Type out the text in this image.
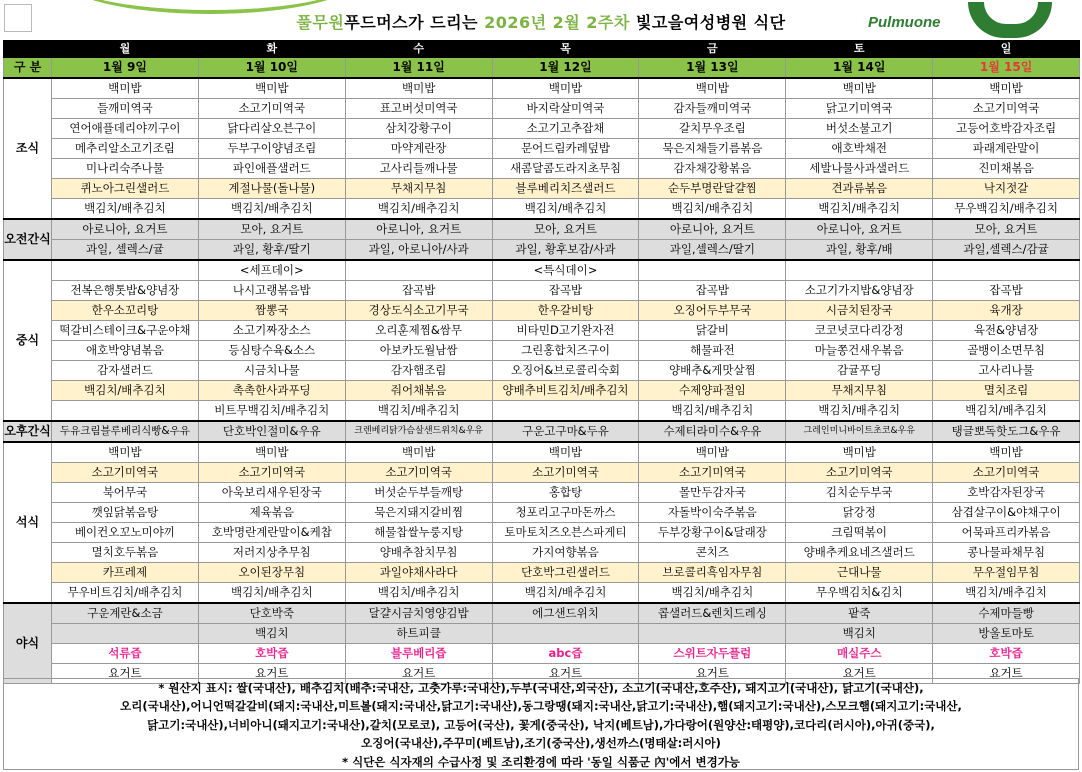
풀무원푸드머스가 드리는 2026년 2월 2주차 빛고을여성병원 식단	Pulmuone
	월	화	수	목	금	토	일
구 분	1월 9일	1월 10일	1월 11일	1월 12일	1월 13일	1월 14일	1월 15일
조식	백미밥	백미밥	백미밥	백미밥	백미밥	백미밥	백미밥
	들깨미역국	소고기미역국	표고버섯미역국	바지락살미역국	감자들깨미역국	닭고기미역국	소고기미역국
	연어애플데리야끼구이	닭다리살오븐구이	삼치강황구이	소고기고추잡채	갈치무우조림	버섯소불고기	고등어호박감자조림
	메추리알소고기조림	두부구이양념조림	마약계란장	문어드림카레덮밥	묵은지채들기름볶음	애호박채전	파래계란말이
	미나리숙주나물	파인애플샐러드	고사리들깨나물	새콤달콤도라지초무침	감자채강황볶음	세발나물사과샐러드	진미채볶음
	퀴노아그린샐러드	계절나물(돌나물)	무채지무침	블루베리치즈샐러드	순두부명란달걀찜	견과류볶음	낙지젓갈
	백김치/배추김치	백김치/배추김치	백김치/배추김치	백김치/배추김치	백김치/배추김치	백김치/배추김치	무우백김치/배추김치
오전간식	아로니아, 요거트	모아, 요거트	아로니아, 요거트	모아, 요거트	아로니아, 요거트	아로니아, 요거트	모아, 요거트
	과일, 셀렉스/귤	과일, 황후/딸기	과일, 아로니아/사과	과일, 황후보감/사과	과일,셀렉스/딸기	과일, 황후/배	과일,셀렉스/감귤
중식		<세프데이>		<특식데이>			
	전복은행톳밥&양념장	나시고랭볶음밥	잡곡밥	잡곡밥	잡곡밥	소고기가지밥&양념장	잡곡밥
	한우소꼬리탕	짬뽕국	경상도식소고기무국	한우갈비탕	오징어두부무국	시금치된장국	육개장
	떡갈비스테이크&구운야채	소고기짜장소스	오리훈제찜&쌈무	비타민D고기완자전	닭갈비	코코넛코다리강정	육전&양념장
	애호박양념볶음	등심탕수육&소스	아보카도월남쌈	그린홍합치즈구이	해물파전	마늘쫑건새우볶음	골뱅이소면무침
	감자샐러드	시금치나물	감자햄조림	오징어&브로콜리숙회	양배추&게맛살찜	감귤푸딩	고사리나물
	백김치/배추김치	촉촉한사과푸딩	줘어채볶음	양배추비트김치/배추김치	수제양파절임	무채지무침	멸치조림
		비트무백김치/배추김치	백김치/배추김치		백김치/배추김치	백김치/배추김치	백김치/배추김치
오후간식	두유크림블루베리식빵&우유	단호박인절미&우유	크렌베리닭가슴살샌드위치&우유	구운고구마&두유	수제티라미수&우유	그레인미니바이트초코&우유	탱글뽀독핫도그&우유
석식	백미밥	백미밥	백미밥	백미밥	백미밥	백미밥	백미밥
	소고기미역국	소고기미역국	소고기미역국	소고기미역국	소고기미역국	소고기미역국	소고기미역국
	북어무국	아욱보리새우된장국	버섯순두부들깨탕	홍합탕	몰만두감자국	김치순두부국	호박감자된장국
	깻잎닭볶음탕	제육볶음	묵은지돼지갈비찜	청포리고구마돈까스	자돌박이숙주볶음	닭강정	삼겹살구이&야채구이
	베이컨오꼬노미야끼	호박명란계란말이&케찹	해물찹쌀누룽지탕	토마토치즈오븐스파게티	두부강황구이&달래장	크림떡볶이	어묵파프리카볶음
	멸치호두볶음	저러지상추무침	양배추참치무침	가지여향볶음	콘치즈	양배추케요네즈샐러드	콩나물파채무침
	카프레제	오이된장무침	과일야채사라다	단호박그린샐러드	브로콜리흑임자무침	근대나물	무우절임무침
	무우비트김치/배추김치	백김치/배추김치	백김치/배추김치	백김치/배추김치	백김치/배추김치	무우백김치&김치	백김치/배추김치
야식	구운계란&소금	단호박죽	달걀시금치영양김밥	에그샌드위치	콥샐러드&렌치드레싱	팥죽	수제마들빵
		백김치	하트피클			백김치	방울토마토
	석류즙	호박즙	블루베리즙	abc즙	스위트자두플럼	매실주스	호박즙
	요거트	요거트	요거트	요거트	요거트	요거트	요거트
* 원산지 표시: 쌀(국내산), 배추김치(배추:국내산, 고춧가루:국내산),두부(국내산,외국산), 소고기(국내산,호주산), 돼지고기(국내산), 닭고기(국내산),
오리(국내산),어니언떡갈갈비(돼지:국내산,미트볼(돼지:국내산,닭고기:국내산),동그랑땡(돼지:국내산,닭고기:국내산),햄(돼지고기:국내산),스모크햄(돼지고기:국내산,
닭고기:국내산),너비아니(돼지고기:국내산),갈치(모로코), 고등어(국산), 꽃게(중국산), 낙지(베트남),가다랑어(원양산:태평양),코다리(러시아),아귀(중국),
오징어(국내산),주꾸미(베트남),조기(중국산),생선까스(명태살:러시아)
* 식단은 식자재의 수급사정 및 조리환경에 따라 '동일 식품군 內'에서 변경가능
